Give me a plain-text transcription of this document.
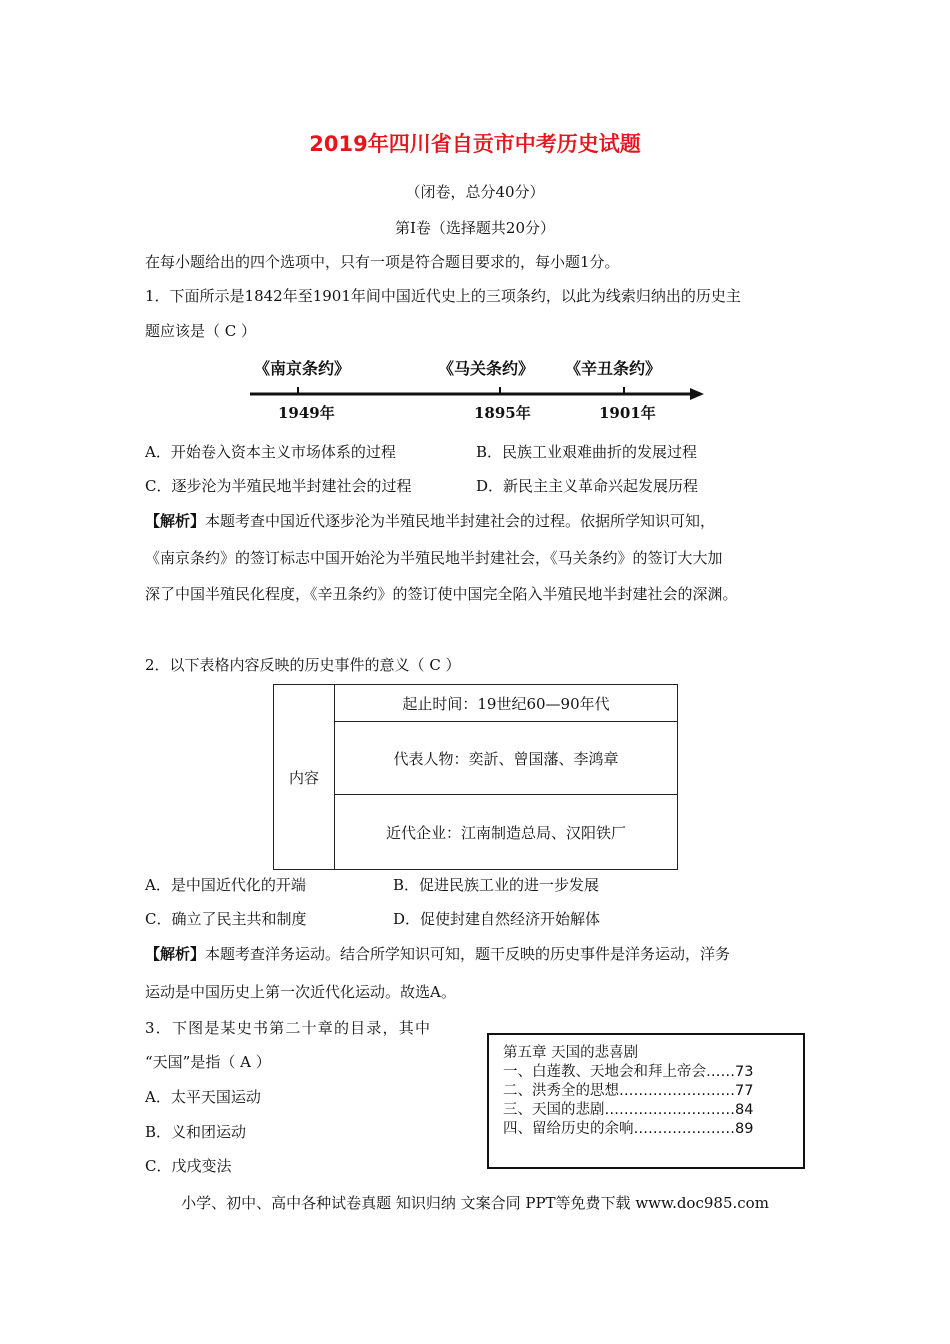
2019年四川省自贡市中考历史试题
（闭卷，总分40分）
第Ⅰ卷（选择题共20分）
在每小题给出的四个选项中，只有一项是符合题目要求的，每小题1分。
1．下面所示是1842年至1901年间中国近代史上的三项条约，以此为线索归纳出的历史主
题应该是（ C ）
《南京条约》	《马关条约》 《辛丑条约》
1949年	1895年	1901年
A．开始卷入资本主义市场体系的过程	B．民族工业艰难曲折的发展过程
C．逐步沦为半殖民地半封建社会的过程	D．新民主主义革命兴起发展历程
【解析】本题考查中国近代逐步沦为半殖民地半封建社会的过程。依据所学知识可知，
《南京条约》的签订标志中国开始沦为半殖民地半封建社会，《马关条约》的签订大大加
深了中国半殖民化程度，《辛丑条约》的签订使中国完全陷入半殖民地半封建社会的深渊。
2．以下表格内容反映的历史事件的意义（ C ）
内容	起止时间：19世纪60—90年代
代表人物：奕訢、曾国藩、李鸿章
近代企业：江南制造总局、汉阳铁厂
A．是中国近代化的开端	B．促进民族工业的进一步发展
C．确立了民主共和制度	D．促使封建自然经济开始解体
【解析】本题考查洋务运动。结合所学知识可知，题干反映的历史事件是洋务运动，洋务
运动是中国历史上第一次近代化运动。故选A。
3．下图是某史书第二十章的目录，其中
“天国”是指（ A ）
A．太平天国运动
B．义和团运动
C．戊戌变法
第五章 天国的悲喜剧
一、白莲教、天地会和拜上帝会……73
二、洪秀全的思想……………………77
三、天国的悲剧………………………84
四、留给历史的余响…………………89
小学、初中、高中各种试卷真题 知识归纳 文案合同 PPT等免费下载 www.doc985.com
